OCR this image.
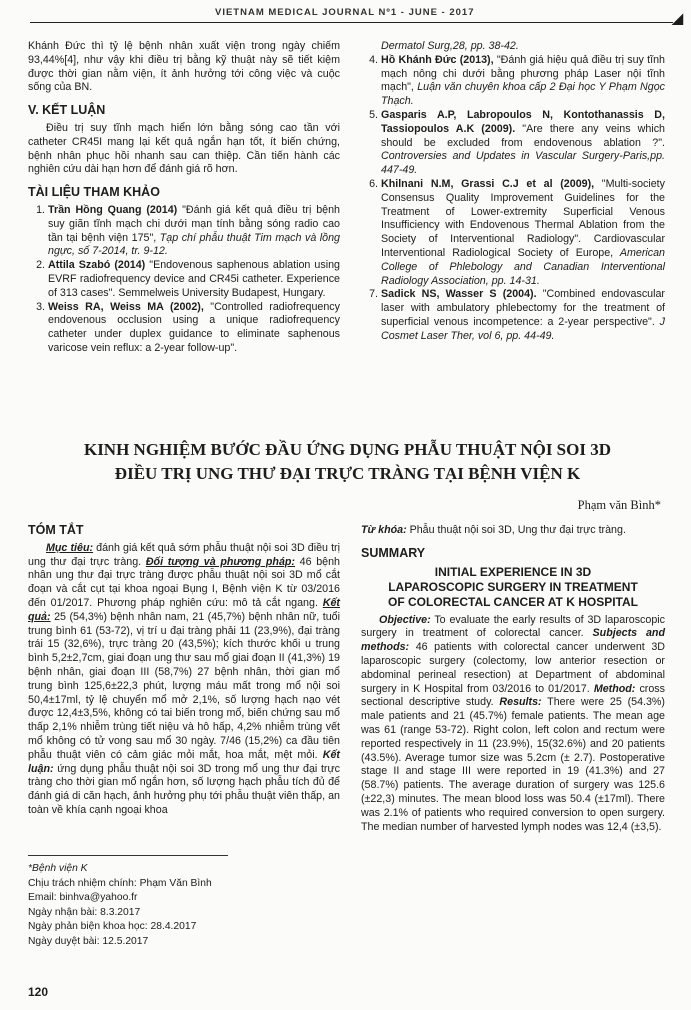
VIETNAM MEDICAL JOURNAL Nº1 - JUNE - 2017	◢

Khánh Đức thì tỷ lệ bệnh nhân xuất viện trong ngày chiếm 93,44%[4], như vậy khi điều trị bằng kỹ thuật này sẽ tiết kiệm được thời gian nằm viện, ít ảnh hưởng tới công việc và cuộc sống của BN.

V. KẾT LUẬN

Điều trị suy tĩnh mạch hiển lớn bằng sóng cao tần với catheter CR45I mang lại kết quả ngắn hạn tốt, ít biến chứng, bệnh nhân phục hồi nhanh sau can thiệp. Cần tiến hành các nghiên cứu dài hạn hơn để đánh giá rõ hơn.

TÀI LIỆU THAM KHẢO
1. Trần Hồng Quang (2014) "Đánh giá kết quả điều trị bệnh suy giãn tĩnh mạch chi dưới mạn tính bằng sóng radio cao tần tại bệnh viện 175", Tạp chí phẫu thuật Tim mạch và lồng ngực, số 7-2014, tr. 9-12.
2. Attila Szabó (2014) "Endovenous saphenous ablation using EVRF radiofrequency device and CR45i catheter. Experience of 313 cases". Semmelweis University Budapest, Hungary.
3. Weiss RA, Weiss MA (2002), "Controlled radiofrequency endovenous occlusion using a unique radiofrequency catheter under duplex guidance to eliminate saphenous varicose vein reflux: a 2-year follow-up".
Dermatol Surg,28, pp. 38-42.
4. Hồ Khánh Đức (2013), "Đánh giá hiệu quả điều trị suy tĩnh mạch nông chi dưới bằng phương pháp Laser nội tĩnh mạch", Luận văn chuyên khoa cấp 2 Đại học Y Phạm Ngọc Thạch.
5. Gasparis A.P, Labropoulos N, Kontothanassis D, Tassiopoulos A.K (2009). "Are there any veins which should be excluded from endovenous ablation ?". Controversies and Updates in Vascular Surgery-Paris,pp. 447-49.
6. Khilnani N.M, Grassi C.J et al (2009), "Multi-society Consensus Quality Improvement Guidelines for the Treatment of Lower-extremity Superficial Venous Insufficiency with Endovenous Thermal Ablation from the Society of Interventional Radiology". Cardiovascular Interventional Radiological Society of Europe, American College of Phlebology and Canadian Interventional Radiology Association, pp. 14-31.
7. Sadick NS, Wasser S (2004). "Combined endovascular laser with ambulatory phlebectomy for the treatment of superficial venous incompetence: a 2-year perspective". J Cosmet Laser Ther, vol 6, pp. 44-49.
KINH NGHIỆM BƯỚC ĐẦU ỨNG DỤNG PHẪU THUẬT NỘI SOI 3D
ĐIỀU TRỊ UNG THƯ ĐẠI TRỰC TRÀNG TẠI BỆNH VIỆN K
Phạm văn Bình*
TÓM TẮT

Mục tiêu: đánh giá kết quả sớm phẫu thuật nội soi 3D điều trị ung thư đại trực tràng. Đối tượng và phương pháp: 46 bệnh nhân ung thư đại trực tràng được phẫu thuật nội soi 3D mổ cắt đoạn và cắt cụt tại khoa ngoại Bụng I, Bệnh viện K từ 03/2016 đến 01/2017. Phương pháp nghiên cứu: mô tả cắt ngang. Kết quả: 25 (54,3%) bệnh nhân nam, 21 (45,7%) bệnh nhân nữ, tuổi trung bình 61 (53-72), vị trí u đại tràng phải 11 (23,9%), đại tràng trái 15 (32,6%), trực tràng 20 (43,5%); kích thước khối u trung bình 5,2±2,7cm, giai đoạn ung thư sau mổ giai đoạn II (41,3%) 19 bệnh nhân, giai đoạn III (58,7%) 27 bệnh nhân, thời gian mổ trung bình 125,6±22,3 phút, lượng máu mất trong mổ nội soi 50,4±17ml, tỷ lệ chuyển mổ mở 2,1%, số lượng hạch nạo vét được 12,4±3,5%, không có tai biến trong mổ, biến chứng sau mổ thấp 2,1% nhiễm trùng tiết niệu và hô hấp, 4,2% nhiễm trùng vết mổ không có tử vong sau mổ 30 ngày. 7/46 (15,2%) ca đầu tiên phẫu thuật viên có cảm giác mỏi mắt, hoa mắt, mệt mỏi. Kết luận: ứng dụng phẫu thuật nội soi 3D trong mổ ung thư đại trực tràng cho thời gian mổ ngắn hơn, số lượng hạch phẫu tích đủ để đánh giá di căn hạch, ảnh hưởng phụ tới phẫu thuật viên thấp, an toàn về khía cạnh ngoại khoa

Từ khóa: Phẫu thuật nội soi 3D, Ung thư đại trực tràng.

SUMMARY
INITIAL EXPERIENCE IN 3D
LAPAROSCOPIC SURGERY IN TREATMENT
OF COLORECTAL CANCER AT K HOSPITAL

Objective: To evaluate the early results of 3D laparoscopic surgery in treatment of colorectal cancer. Subjects and methods: 46 patients with colorectal cancer underwent 3D laparoscopic surgery (colectomy, low anterior resection or abdominal perineal resection) at Department of abdominal surgery in K Hospital from 03/2016 to 01/2017. Method: cross sectional descriptive study. Results: There were 25 (54.3%) male patients and 21 (45.7%) female patients. The mean age was 61 (range 53-72). Right colon, left colon and rectum were reported respectively in 11 (23.9%), 15(32.6%) and 20 patients (43.5%). Average tumor size was 5.2cm (± 2.7). Postoperative stage II and stage III were reported in 19 (41.3%) and 27 (58.7%) patients. The average duration of surgery was 125.6 (±22,3) minutes. The mean blood loss was 50.4 (±17ml). There was 2.1% of patients who required conversion to open surgery. The median number of harvested lymph nodes was 12,4 (±3,5).

*Bệnh viện K
Chịu trách nhiệm chính: Phạm Văn Bình
Email: binhva@yahoo.fr
Ngày nhận bài: 8.3.2017
Ngày phản biện khoa học: 28.4.2017
Ngày duyệt bài: 12.5.2017
120
